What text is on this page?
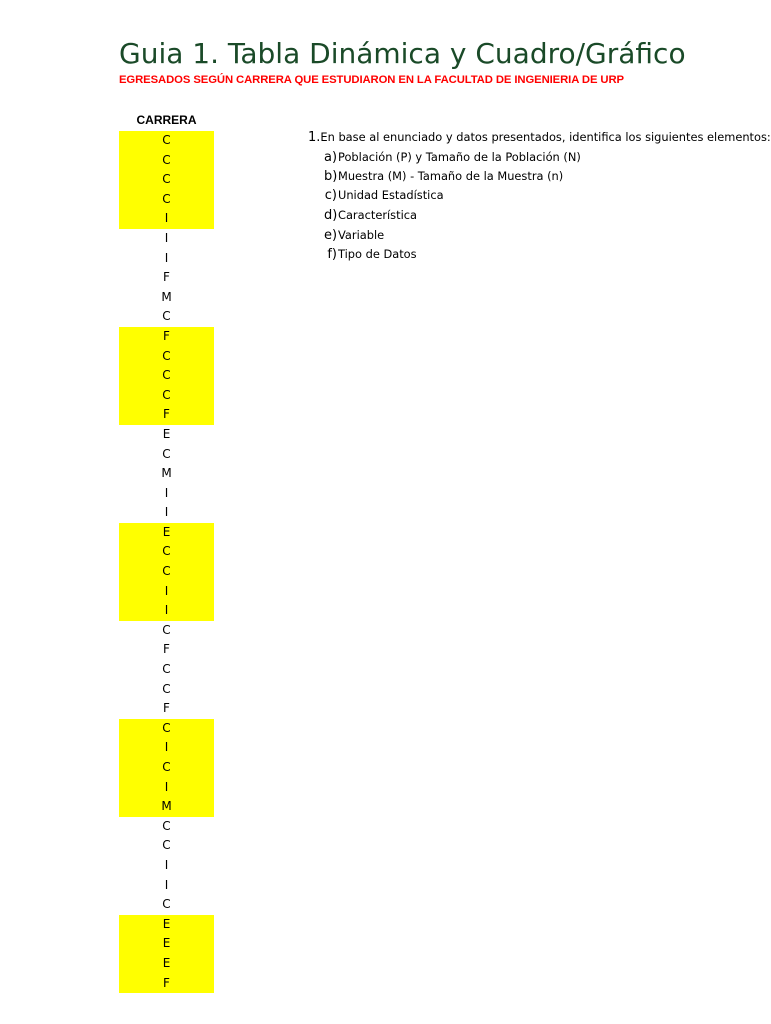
Guia 1. Tabla Dinámica y Cuadro/Gráfico
EGRESADOS SEGÚN CARRERA QUE ESTUDIARON EN LA FACULTAD DE INGENIERIA DE URP
CARRERA
C
C
C
C
I
I
I
F
M
C
F
C
C
C
F
E
C
M
I
I
E
C
C
I
I
C
F
C
C
F
C
I
C
I
M
C
C
I
I
C
E
E
E
F
1.En base al enunciado y datos presentados, identifica los siguientes elementos:
a)Población (P) y Tamaño de la Población (N)
b)Muestra (M) - Tamaño de la Muestra (n)
c)Unidad Estadística
d)Característica
e)Variable
f)Tipo de Datos
